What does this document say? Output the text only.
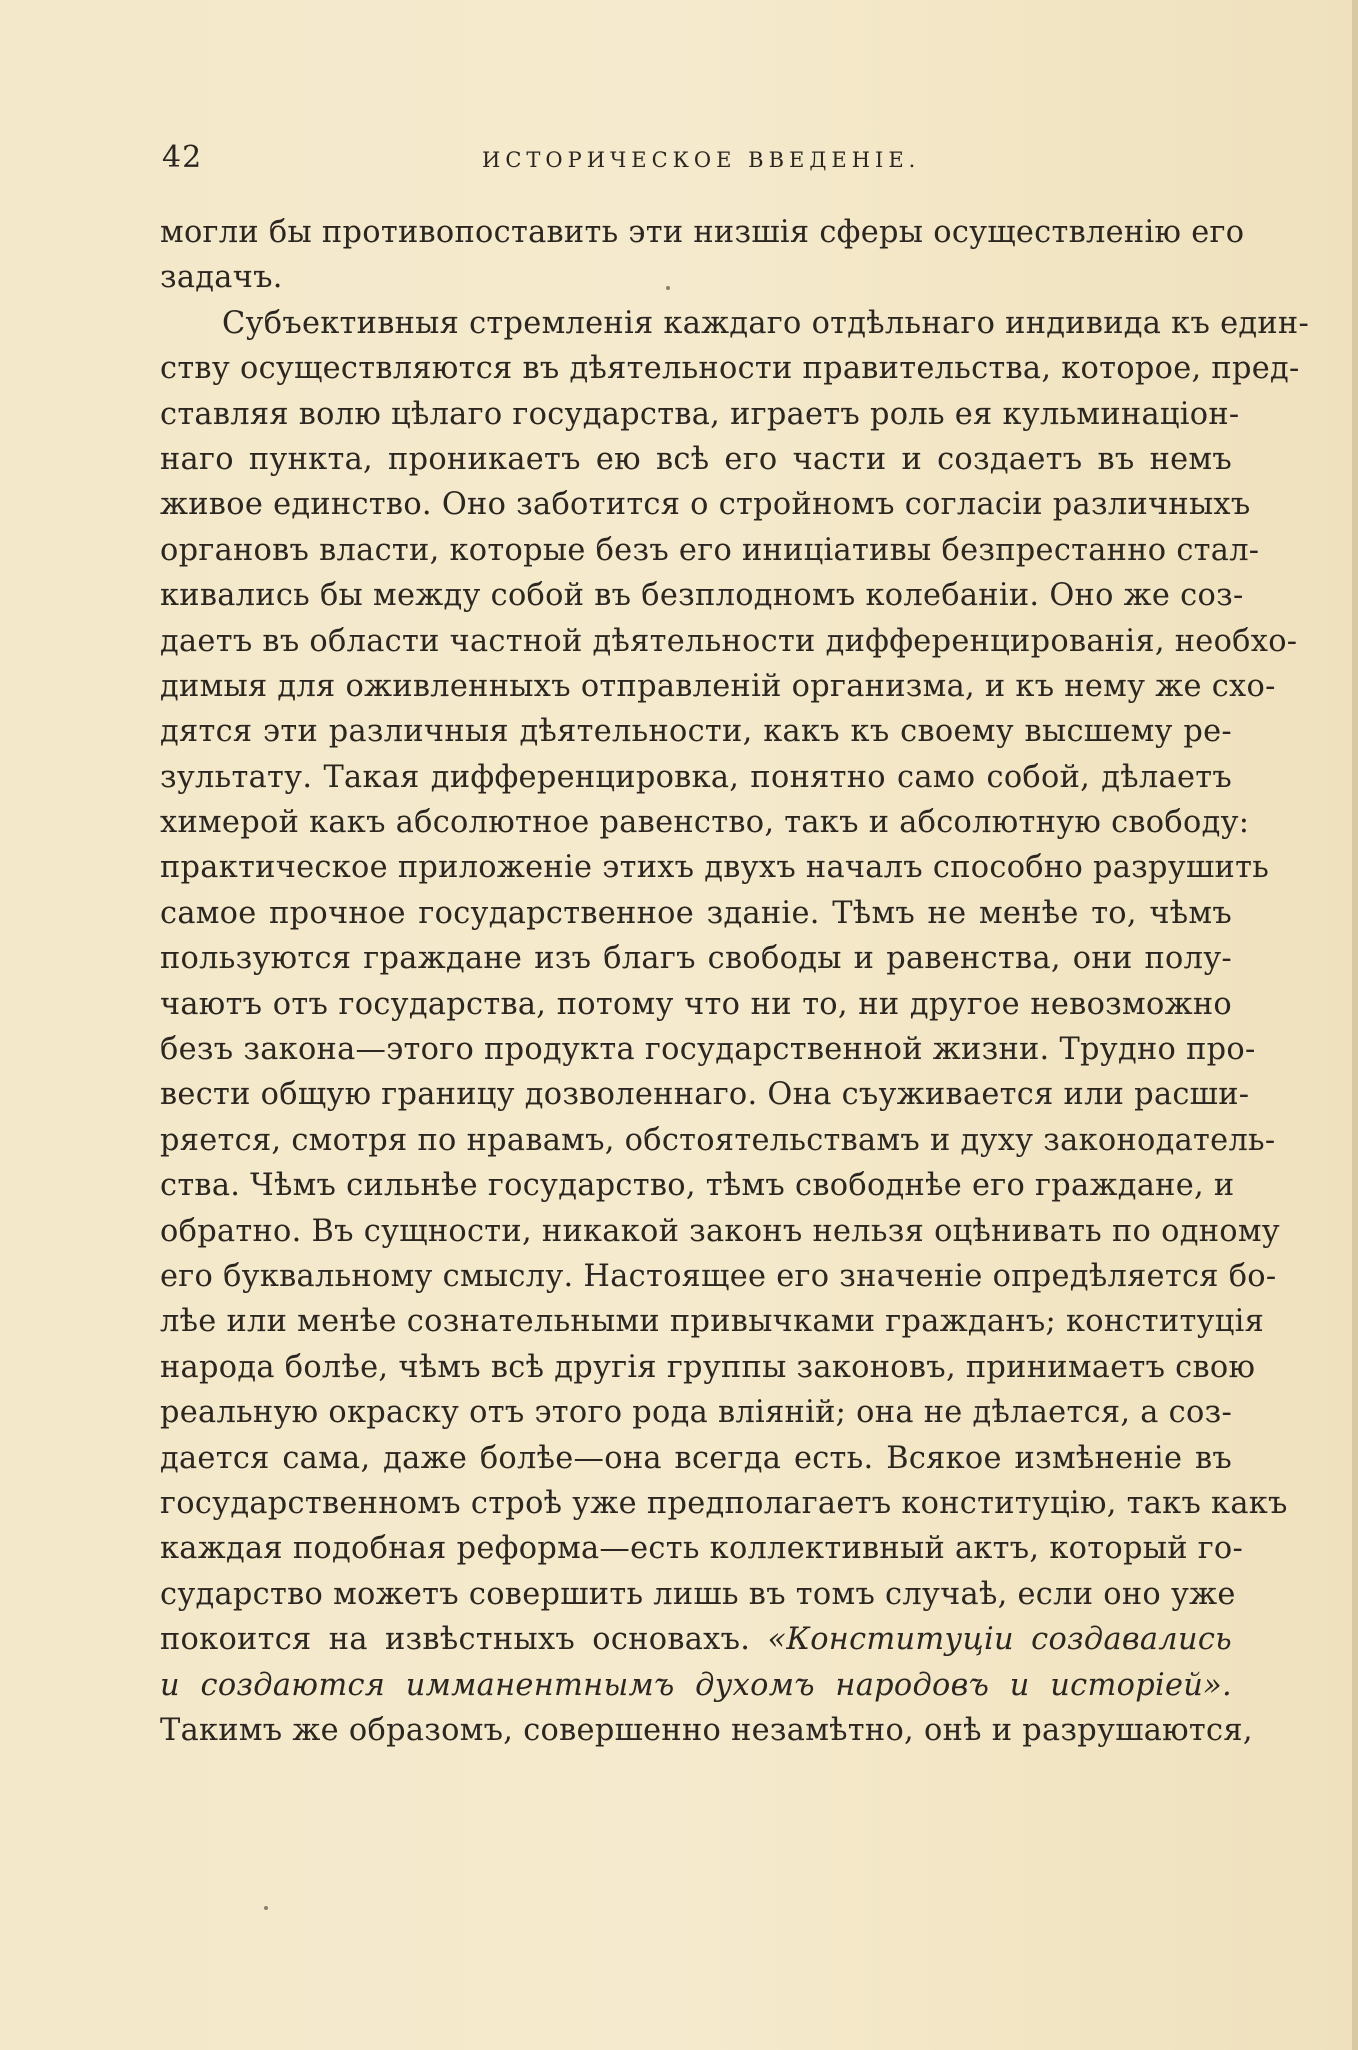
42	ИСТОРИЧЕСКОЕ ВВЕДЕНІЕ.
могли бы противопоставить эти низшія сферы осуществленію его
задачъ.
Субъективныя стремленія каждаго отдѣльнаго индивида къ един-
ству осуществляются въ дѣятельности правительства, которое, пред-
ставляя волю цѣлаго государства, играетъ роль ея кульминаціон-
наго пункта, проникаетъ ею всѣ его части и создаетъ въ немъ
живое единство. Оно заботится о стройномъ согласіи различныхъ
органовъ власти, которые безъ его иниціативы безпрестанно стал-
кивались бы между собой въ безплодномъ колебаніи. Оно же соз-
даетъ въ области частной дѣятельности дифференцированія, необхо-
димыя для оживленныхъ отправленій организма, и къ нему же схо-
дятся эти различныя дѣятельности, какъ къ своему высшему ре-
зультату. Такая дифференцировка, понятно само собой, дѣлаетъ
химерой какъ абсолютное равенство, такъ и абсолютную свободу:
практическое приложеніе этихъ двухъ началъ способно разрушить
самое прочное государственное зданіе. Тѣмъ не менѣе то, чѣмъ
пользуются граждане изъ благъ свободы и равенства, они полу-
чаютъ отъ государства, потому что ни то, ни другое невозможно
безъ закона—этого продукта государственной жизни. Трудно про-
вести общую границу дозволеннаго. Она съуживается или расши-
ряется, смотря по нравамъ, обстоятельствамъ и духу законодатель-
ства. Чѣмъ сильнѣе государство, тѣмъ свободнѣе его граждане, и
обратно. Въ сущности, никакой законъ нельзя оцѣнивать по одному
его буквальному смыслу. Настоящее его значеніе опредѣляется бо-
лѣе или менѣе сознательными привычками гражданъ; конституція
народа болѣе, чѣмъ всѣ другія группы законовъ, принимаетъ свою
реальную окраску отъ этого рода вліяній; она не дѣлается, а соз-
дается сама, даже болѣе—она всегда есть. Всякое измѣненіе въ
государственномъ строѣ уже предполагаетъ конституцію, такъ какъ
каждая подобная реформа—есть коллективный актъ, который го-
сударство можетъ совершить лишь въ томъ случаѣ, если оно уже
покоится на извѣстныхъ основахъ. «Конституціи создавались
и создаются имманентнымъ духомъ народовъ и исторіей».
Такимъ же образомъ, совершенно незамѣтно, онѣ и разрушаются,
